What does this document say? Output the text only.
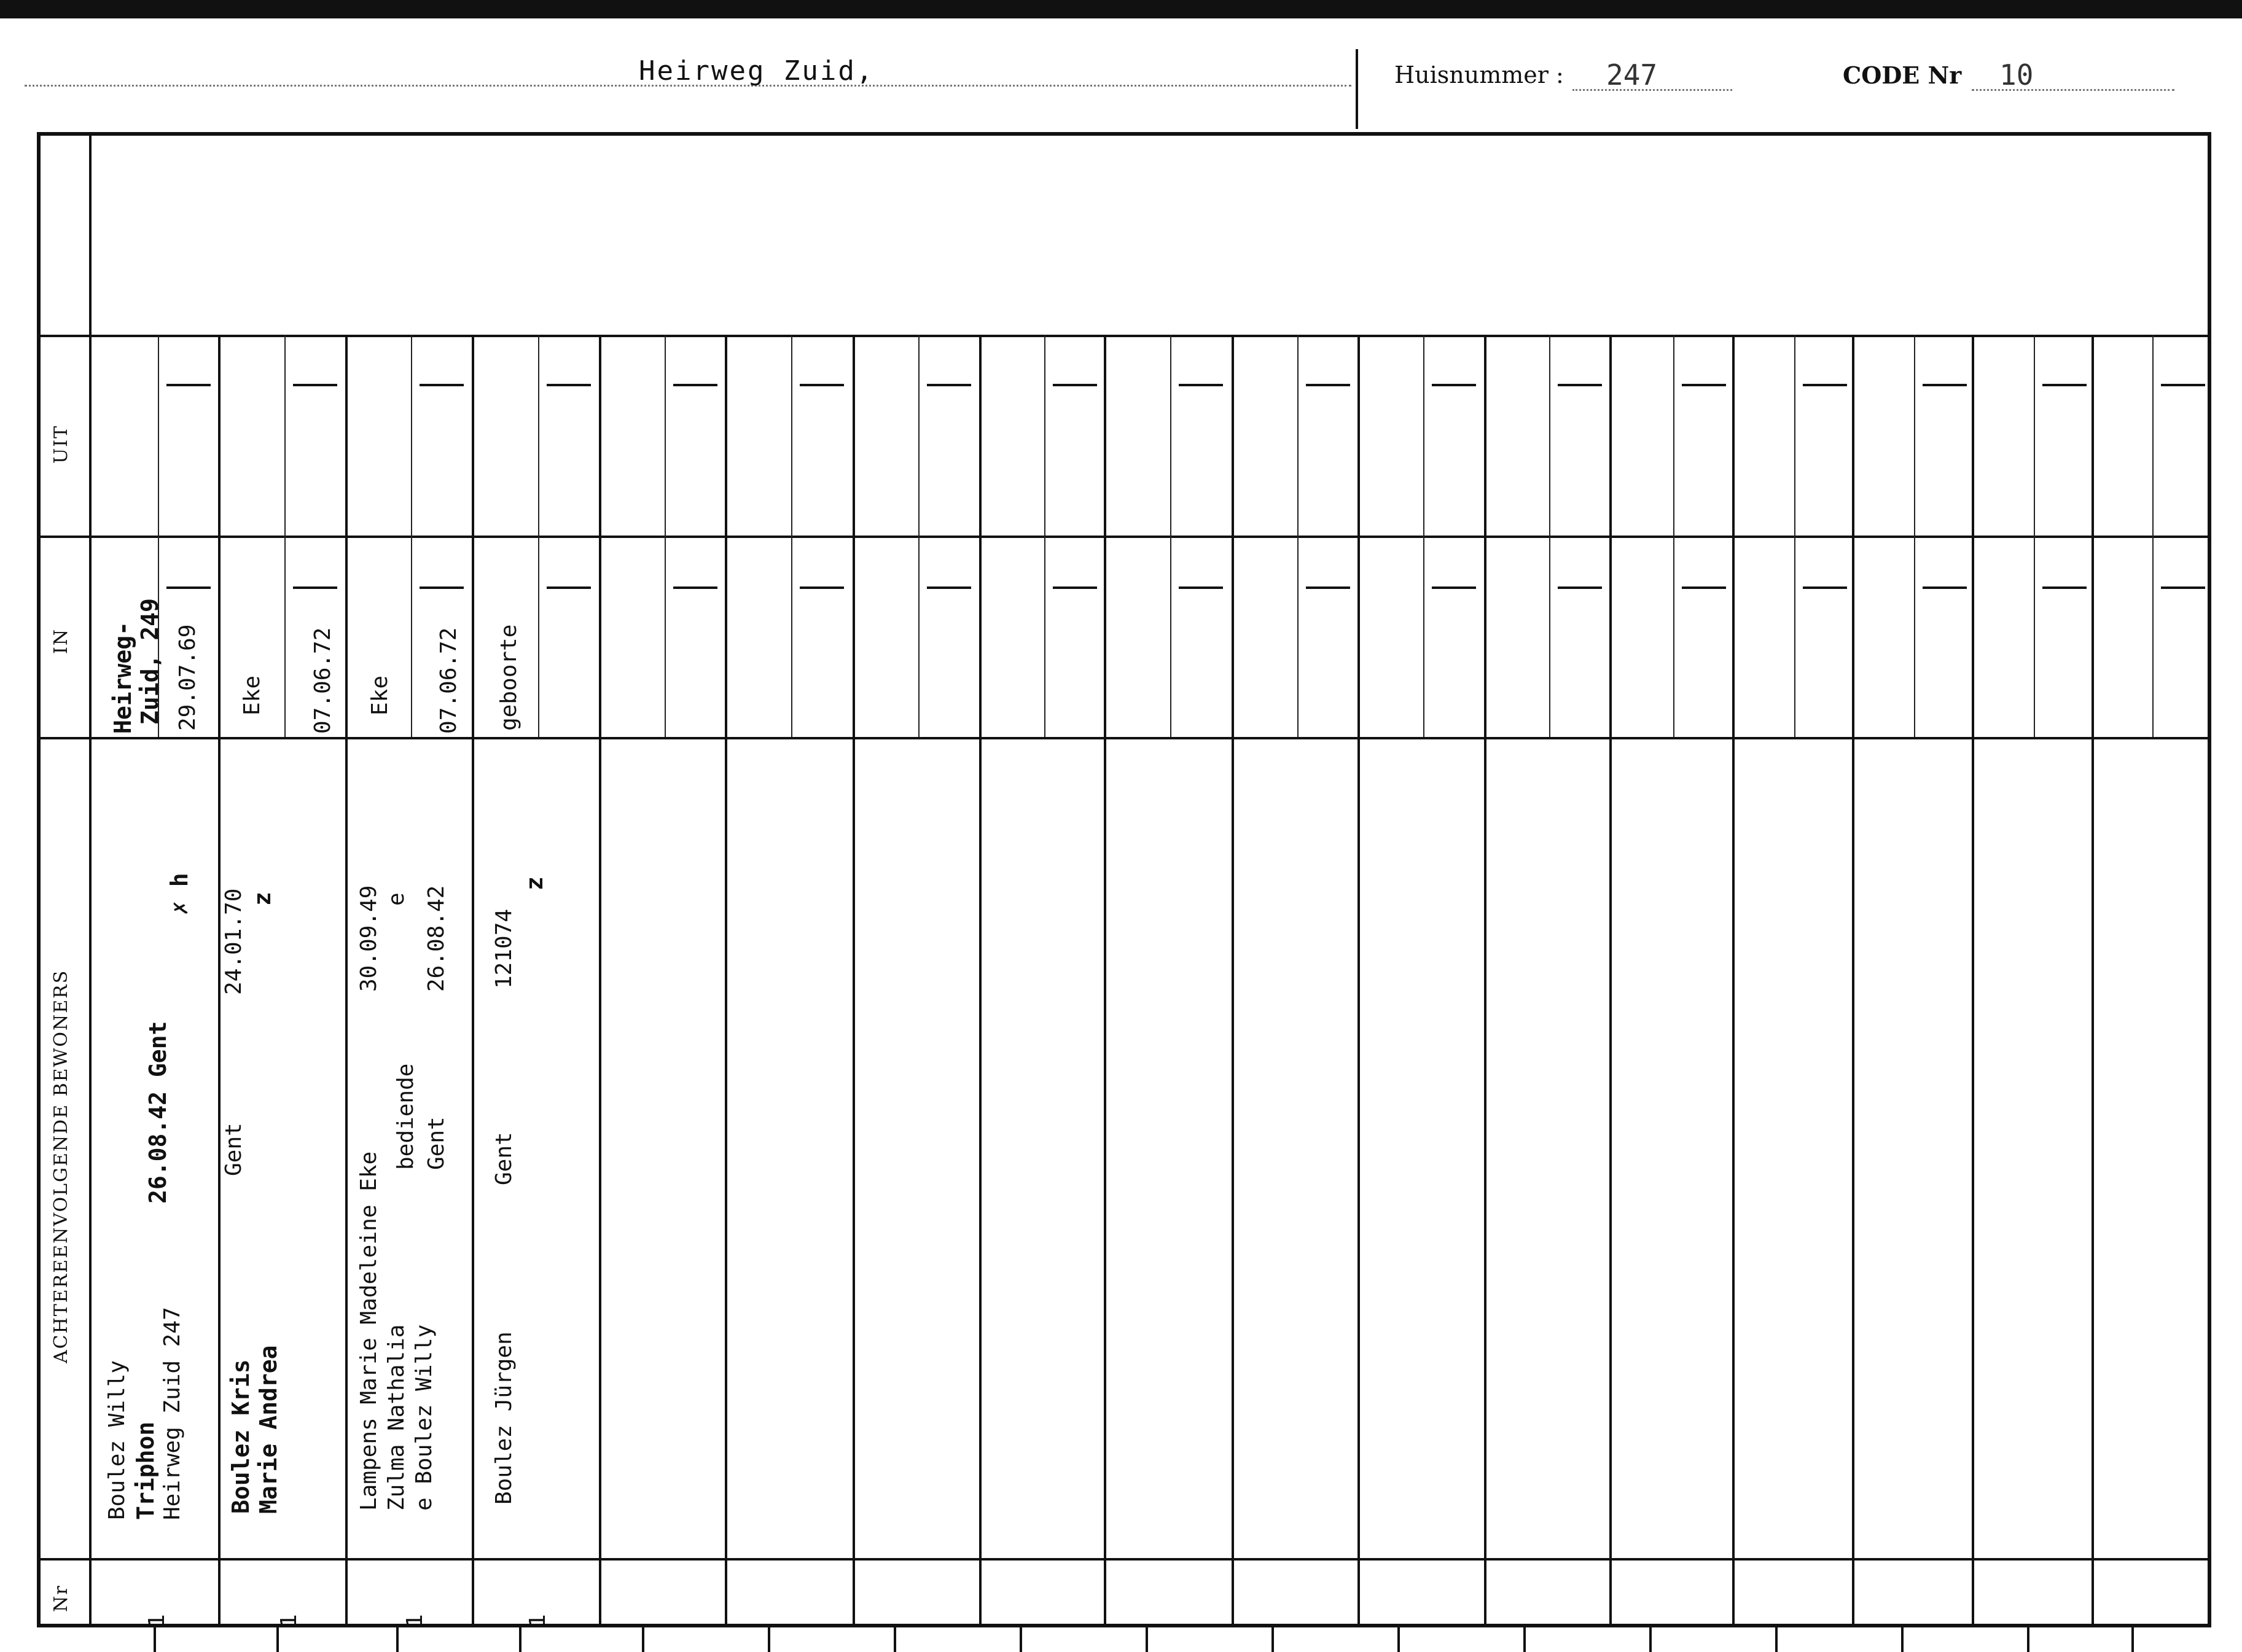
Heirweg Zuid,	Huisnummer : 247	CODE Nr 10
UIT
IN
ACHTEREENVOLGENDE BEWONERS
Nr
Heirweg- Zuid, 249 29.07.69
Boulez Willy Triphon Heirweg Zuid 247
26.08.42 Gent
✗ h
1
Eke 07.06.72
Boulez Kris Marie Andrea
Gent
24.01.70 z
1
Eke 07.06.72
Lampens Marie Madeleine Eke Zulma Nathalia e Boulez Willy
bediende Gent
30.09.49 e 26.08.42
1
geboorte
Boulez Jürgen
Gent
121074
z
1
